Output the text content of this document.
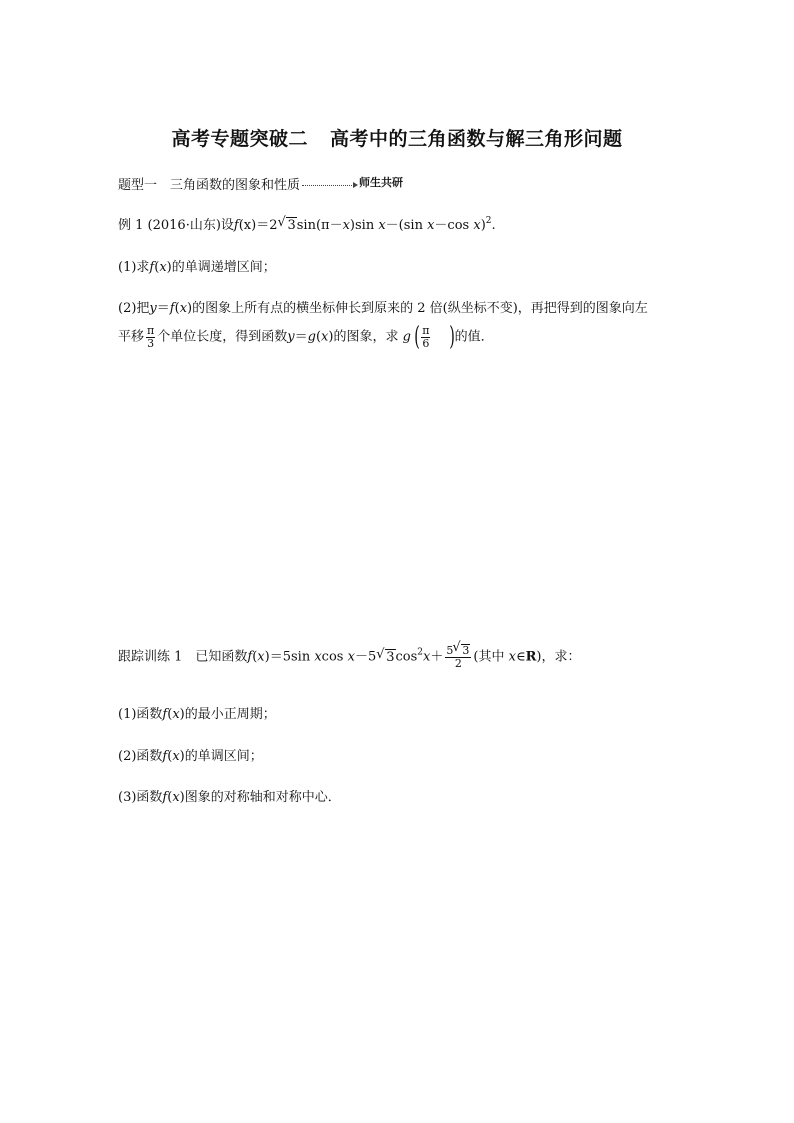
高考专题突破二 高考中的三角函数与解三角形问题
题型一　三角函数的图象和性质	$^{师生共研}$
例 1 (2016·山东)设f(x)＝2 √ 3sin(π－x)sin x－(sin x－cos x)$^2$.
(1)求f(x)的单调递增区间；
(2)把y＝f(x)的图象上所有点的横坐标伸长到原来的 2 倍(纵坐标不变)，再把得到的图象向左
平移 $\frac{\pi}{3}$ 个单位长度，得到函数y＝g(x)的图象，求 g ( $\frac{\pi}{6}$ )的值．
跟踪训练 1　已知函数f(x)＝5sin xcos x－5 √ $3\cos^2x+ \frac{5 √ 3}{2}$ (其中 x∈R)，求：
(1)函数f(x)的最小正周期；
(2)函数f(x)的单调区间；
(3)函数f(x)图象的对称轴和对称中心．
